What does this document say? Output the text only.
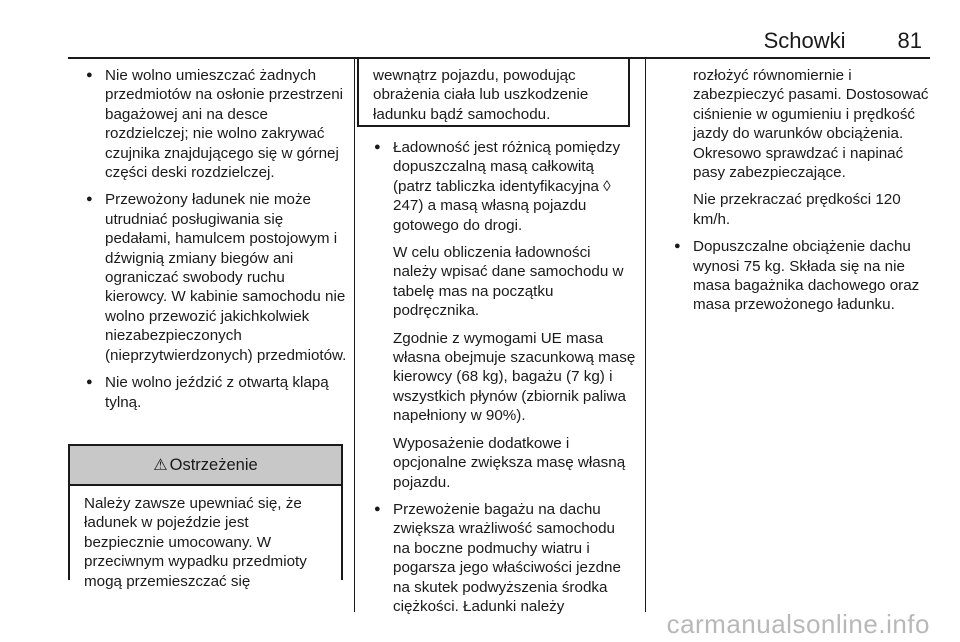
Schowki 81
● Nie wolno umieszczać żadnych przedmiotów na osłonie przestrzeni bagażowej ani na desce rozdzielczej; nie wolno zakrywać czujnika znajdującego się w górnej części deski rozdzielczej.
● Przewożony ładunek nie może utrudniać posługiwania się pedałami, hamulcem postojowym i dźwignią zmiany biegów ani ograniczać swobody ruchu kierowcy. W kabinie samochodu nie wolno przewozić jakichkolwiek niezabezpieczonych (nieprzytwierdzonych) przedmiotów.
● Nie wolno jeździć z otwartą klapą tylną.
⚠ Ostrzeżenie
Należy zawsze upewniać się, że ładunek w pojeździe jest bezpiecznie umocowany. W przeciwnym wypadku przedmioty mogą przemieszczać się
wewnątrz pojazdu, powodując obrażenia ciała lub uszkodzenie ładunku bądź samochodu.

● Ładowność jest różnicą pomiędzy dopuszczalną masą całkowitą (patrz tabliczka identyfikacyjna ◊ 247) a masą własną pojazdu gotowego do drogi.

W celu obliczenia ładowności należy wpisać dane samochodu w tabelę mas na początku podręcznika.

Zgodnie z wymogami UE masa własna obejmuje szacunkową masę kierowcy (68 kg), bagażu (7 kg) i wszystkich płynów (zbiornik paliwa napełniony w 90%).

Wyposażenie dodatkowe i opcjonalne zwiększa masę własną pojazdu.

● Przewożenie bagażu na dachu zwiększa wrażliwość samochodu na boczne podmuchy wiatru i pogarsza jego właściwości jezdne na skutek podwyższenia środka ciężkości. Ładunki należy

rozłożyć równomiernie i zabezpieczyć pasami. Dostosować ciśnienie w ogumieniu i prędkość jazdy do warunków obciążenia. Okresowo sprawdzać i napinać pasy zabezpieczające.

Nie przekraczać prędkości 120 km/h.

● Dopuszczalne obciążenie dachu wynosi 75 kg. Składa się na nie masa bagażnika dachowego oraz masa przewożonego ładunku.
carmanualsonline.info
